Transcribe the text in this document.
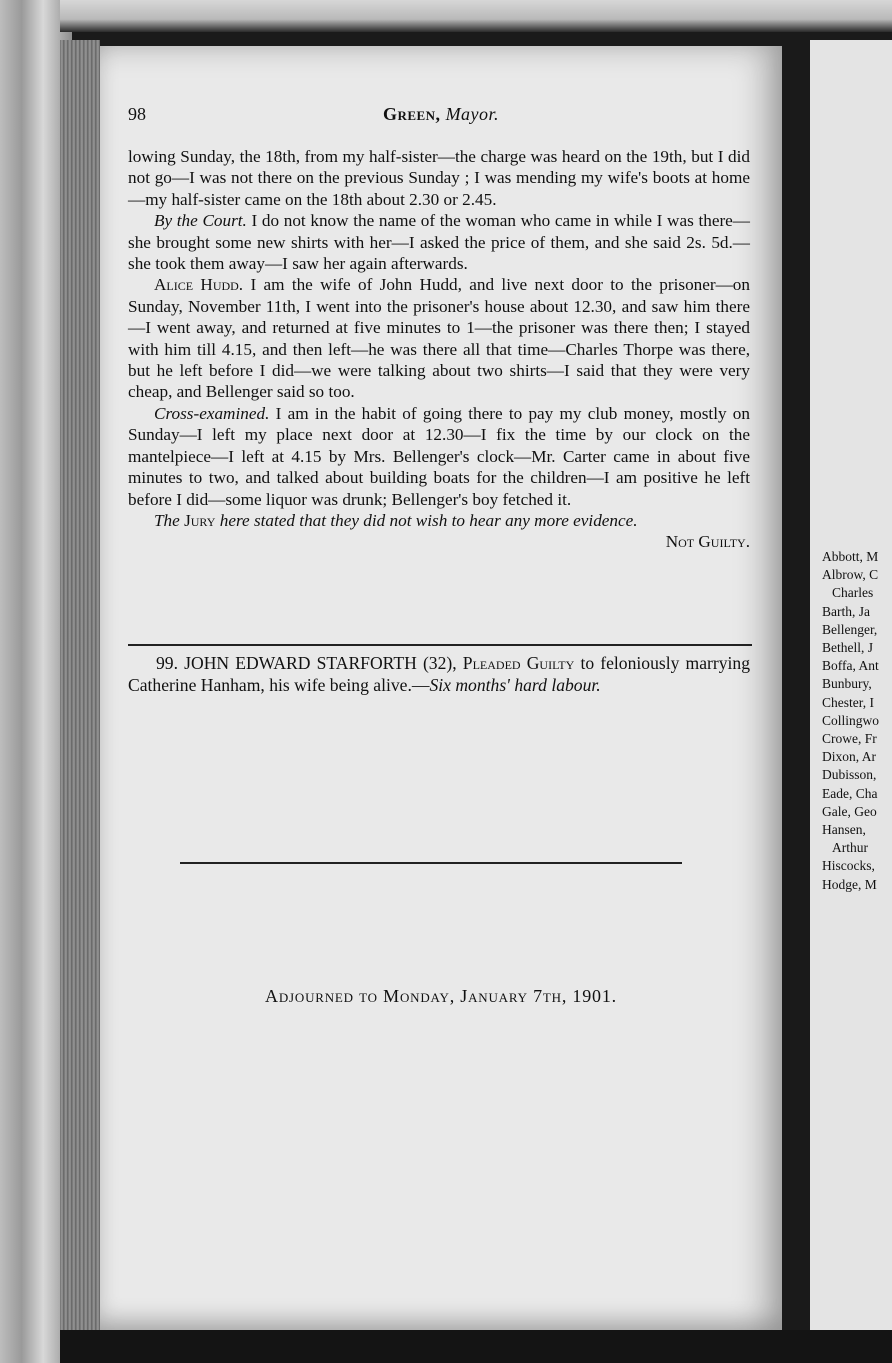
98	Green, Mayor.

lowing Sunday, the 18th, from my half-sister—the charge was heard on the 19th, but I did not go—I was not there on the previous Sunday ; I was mending my wife's boots at home—my half-sister came on the 18th about 2.30 or 2.45.

By the Court. I do not know the name of the woman who came in while I was there—she brought some new shirts with her—I asked the price of them, and she said 2s. 5d.—she took them away—I saw her again afterwards.

Alice Hudd. I am the wife of John Hudd, and live next door to the prisoner—on Sunday, November 11th, I went into the prisoner's house about 12.30, and saw him there—I went away, and returned at five minutes to 1—the prisoner was there then; I stayed with him till 4.15, and then left—he was there all that time—Charles Thorpe was there, but he left before I did—we were talking about two shirts—I said that they were very cheap, and Bellenger said so too.

Cross-examined. I am in the habit of going there to pay my club money, mostly on Sunday—I left my place next door at 12.30—I fix the time by our clock on the mantelpiece—I left at 4.15 by Mrs. Bellenger's clock—Mr. Carter came in about five minutes to two, and talked about building boats for the children—I am positive he left before I did—some liquor was drunk; Bellenger's boy fetched it.

The Jury here stated that they did not wish to hear any more evidence.

Not Guilty.

99. JOHN EDWARD STARFORTH (32), Pleaded Guilty to feloniously marrying Catherine Hanham, his wife being alive.—Six months' hard labour.

Adjourned to Monday, January 7th, 1901.
Abbott, M
Albrow, C
Charles
Barth, Ja
Bellenger,
Bethell, J
Boffa, Ant
Bunbury,
Chester, I
Collingwo
Crowe, Fr
Dixon, Ar
Dubisson,
Eade, Cha
Gale, Geo
Hansen,
Arthur
Hiscocks,
Hodge, M
